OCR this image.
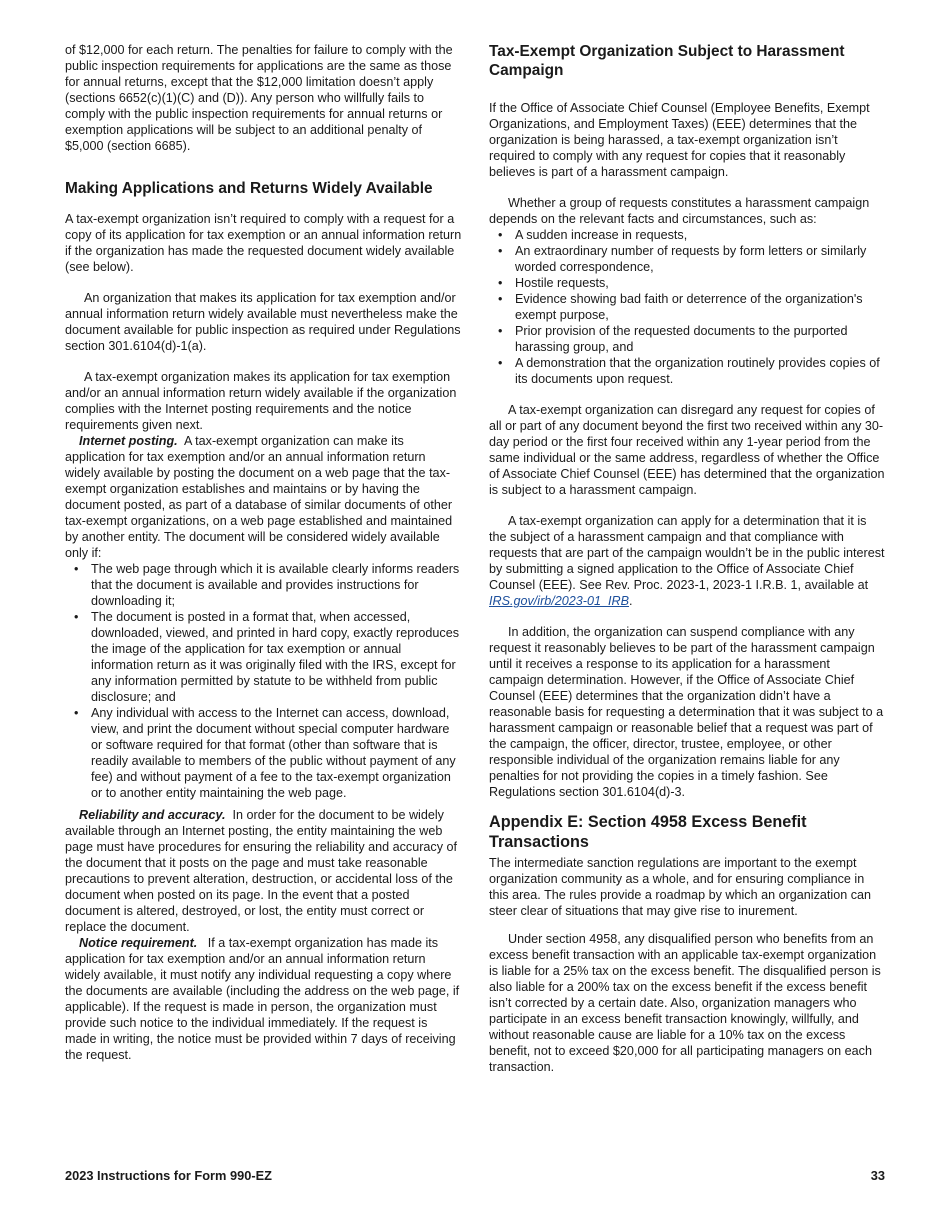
of $12,000 for each return. The penalties for failure to comply with the public inspection requirements for applications are the same as those for annual returns, except that the $12,000 limitation doesn’t apply (sections 6652(c)(1)(C) and (D)). Any person who willfully fails to comply with the public inspection requirements for annual returns or exemption applications will be subject to an additional penalty of $5,000 (section 6685).

Making Applications and Returns Widely Available

A tax-exempt organization isn’t required to comply with a request for a copy of its application for tax exemption or an annual information return if the organization has made the requested document widely available (see below).

An organization that makes its application for tax exemption and/or annual information return widely available must nevertheless make the document available for public inspection as required under Regulations section 301.6104(d)-1(a).

A tax-exempt organization makes its application for tax exemption and/or an annual information return widely available if the organization complies with the Internet posting requirements and the notice requirements given next.

Internet posting. A tax-exempt organization can make its application for tax exemption and/or an annual information return widely available by posting the document on a web page that the tax-exempt organization establishes and maintains or by having the document posted, as part of a database of similar documents of other tax-exempt organizations, on a web page established and maintained by another entity. The document will be considered widely available only if:

• The web page through which it is available clearly informs readers that the document is available and provides instructions for downloading it;
• The document is posted in a format that, when accessed, downloaded, viewed, and printed in hard copy, exactly reproduces the image of the application for tax exemption or annual information return as it was originally filed with the IRS, except for any information permitted by statute to be withheld from public disclosure; and
• Any individual with access to the Internet can access, download, view, and print the document without special computer hardware or software required for that format (other than software that is readily available to members of the public without payment of any fee) and without payment of a fee to the tax-exempt organization or to another entity maintaining the web page.

Reliability and accuracy. In order for the document to be widely available through an Internet posting, the entity maintaining the web page must have procedures for ensuring the reliability and accuracy of the document that it posts on the page and must take reasonable precautions to prevent alteration, destruction, or accidental loss of the document when posted on its page. In the event that a posted document is altered, destroyed, or lost, the entity must correct or replace the document.

Notice requirement. If a tax-exempt organization has made its application for tax exemption and/or an annual information return widely available, it must notify any individual requesting a copy where the documents are available (including the address on the web page, if applicable). If the request is made in person, the organization must provide such notice to the individual immediately. If the request is made in writing, the notice must be provided within 7 days of receiving the request.

Tax-Exempt Organization Subject to Harassment Campaign

If the Office of Associate Chief Counsel (Employee Benefits, Exempt Organizations, and Employment Taxes) (EEE) determines that the organization is being harassed, a tax-exempt organization isn’t required to comply with any request for copies that it reasonably believes is part of a harassment campaign.

Whether a group of requests constitutes a harassment campaign depends on the relevant facts and circumstances, such as:

• A sudden increase in requests,
• An extraordinary number of requests by form letters or similarly worded correspondence,
• Hostile requests,
• Evidence showing bad faith or deterrence of the organization's exempt purpose,
• Prior provision of the requested documents to the purported harassing group, and
• A demonstration that the organization routinely provides copies of its documents upon request.

A tax-exempt organization can disregard any request for copies of all or part of any document beyond the first two received within any 30-day period or the first four received within any 1-year period from the same individual or the same address, regardless of whether the Office of Associate Chief Counsel (EEE) has determined that the organization is subject to a harassment campaign.

A tax-exempt organization can apply for a determination that it is the subject of a harassment campaign and that compliance with requests that are part of the campaign wouldn’t be in the public interest by submitting a signed application to the Office of Associate Chief Counsel (EEE). See Rev. Proc. 2023-1, 2023-1 I.R.B. 1, available at IRS.gov/irb/2023-01_IRB.

In addition, the organization can suspend compliance with any request it reasonably believes to be part of the harassment campaign until it receives a response to its application for a harassment campaign determination. However, if the Office of Associate Chief Counsel (EEE) determines that the organization didn’t have a reasonable basis for requesting a determination that it was subject to a harassment campaign or reasonable belief that a request was part of the campaign, the officer, director, trustee, employee, or other responsible individual of the organization remains liable for any penalties for not providing the copies in a timely fashion. See Regulations section 301.6104(d)-3.

Appendix E: Section 4958 Excess Benefit Transactions

The intermediate sanction regulations are important to the exempt organization community as a whole, and for ensuring compliance in this area. The rules provide a roadmap by which an organization can steer clear of situations that may give rise to inurement.

Under section 4958, any disqualified person who benefits from an excess benefit transaction with an applicable tax-exempt organization is liable for a 25% tax on the excess benefit. The disqualified person is also liable for a 200% tax on the excess benefit if the excess benefit isn’t corrected by a certain date. Also, organization managers who participate in an excess benefit transaction knowingly, willfully, and without reasonable cause are liable for a 10% tax on the excess benefit, not to exceed $20,000 for all participating managers on each transaction.

2023 Instructions for Form 990-EZ	33
